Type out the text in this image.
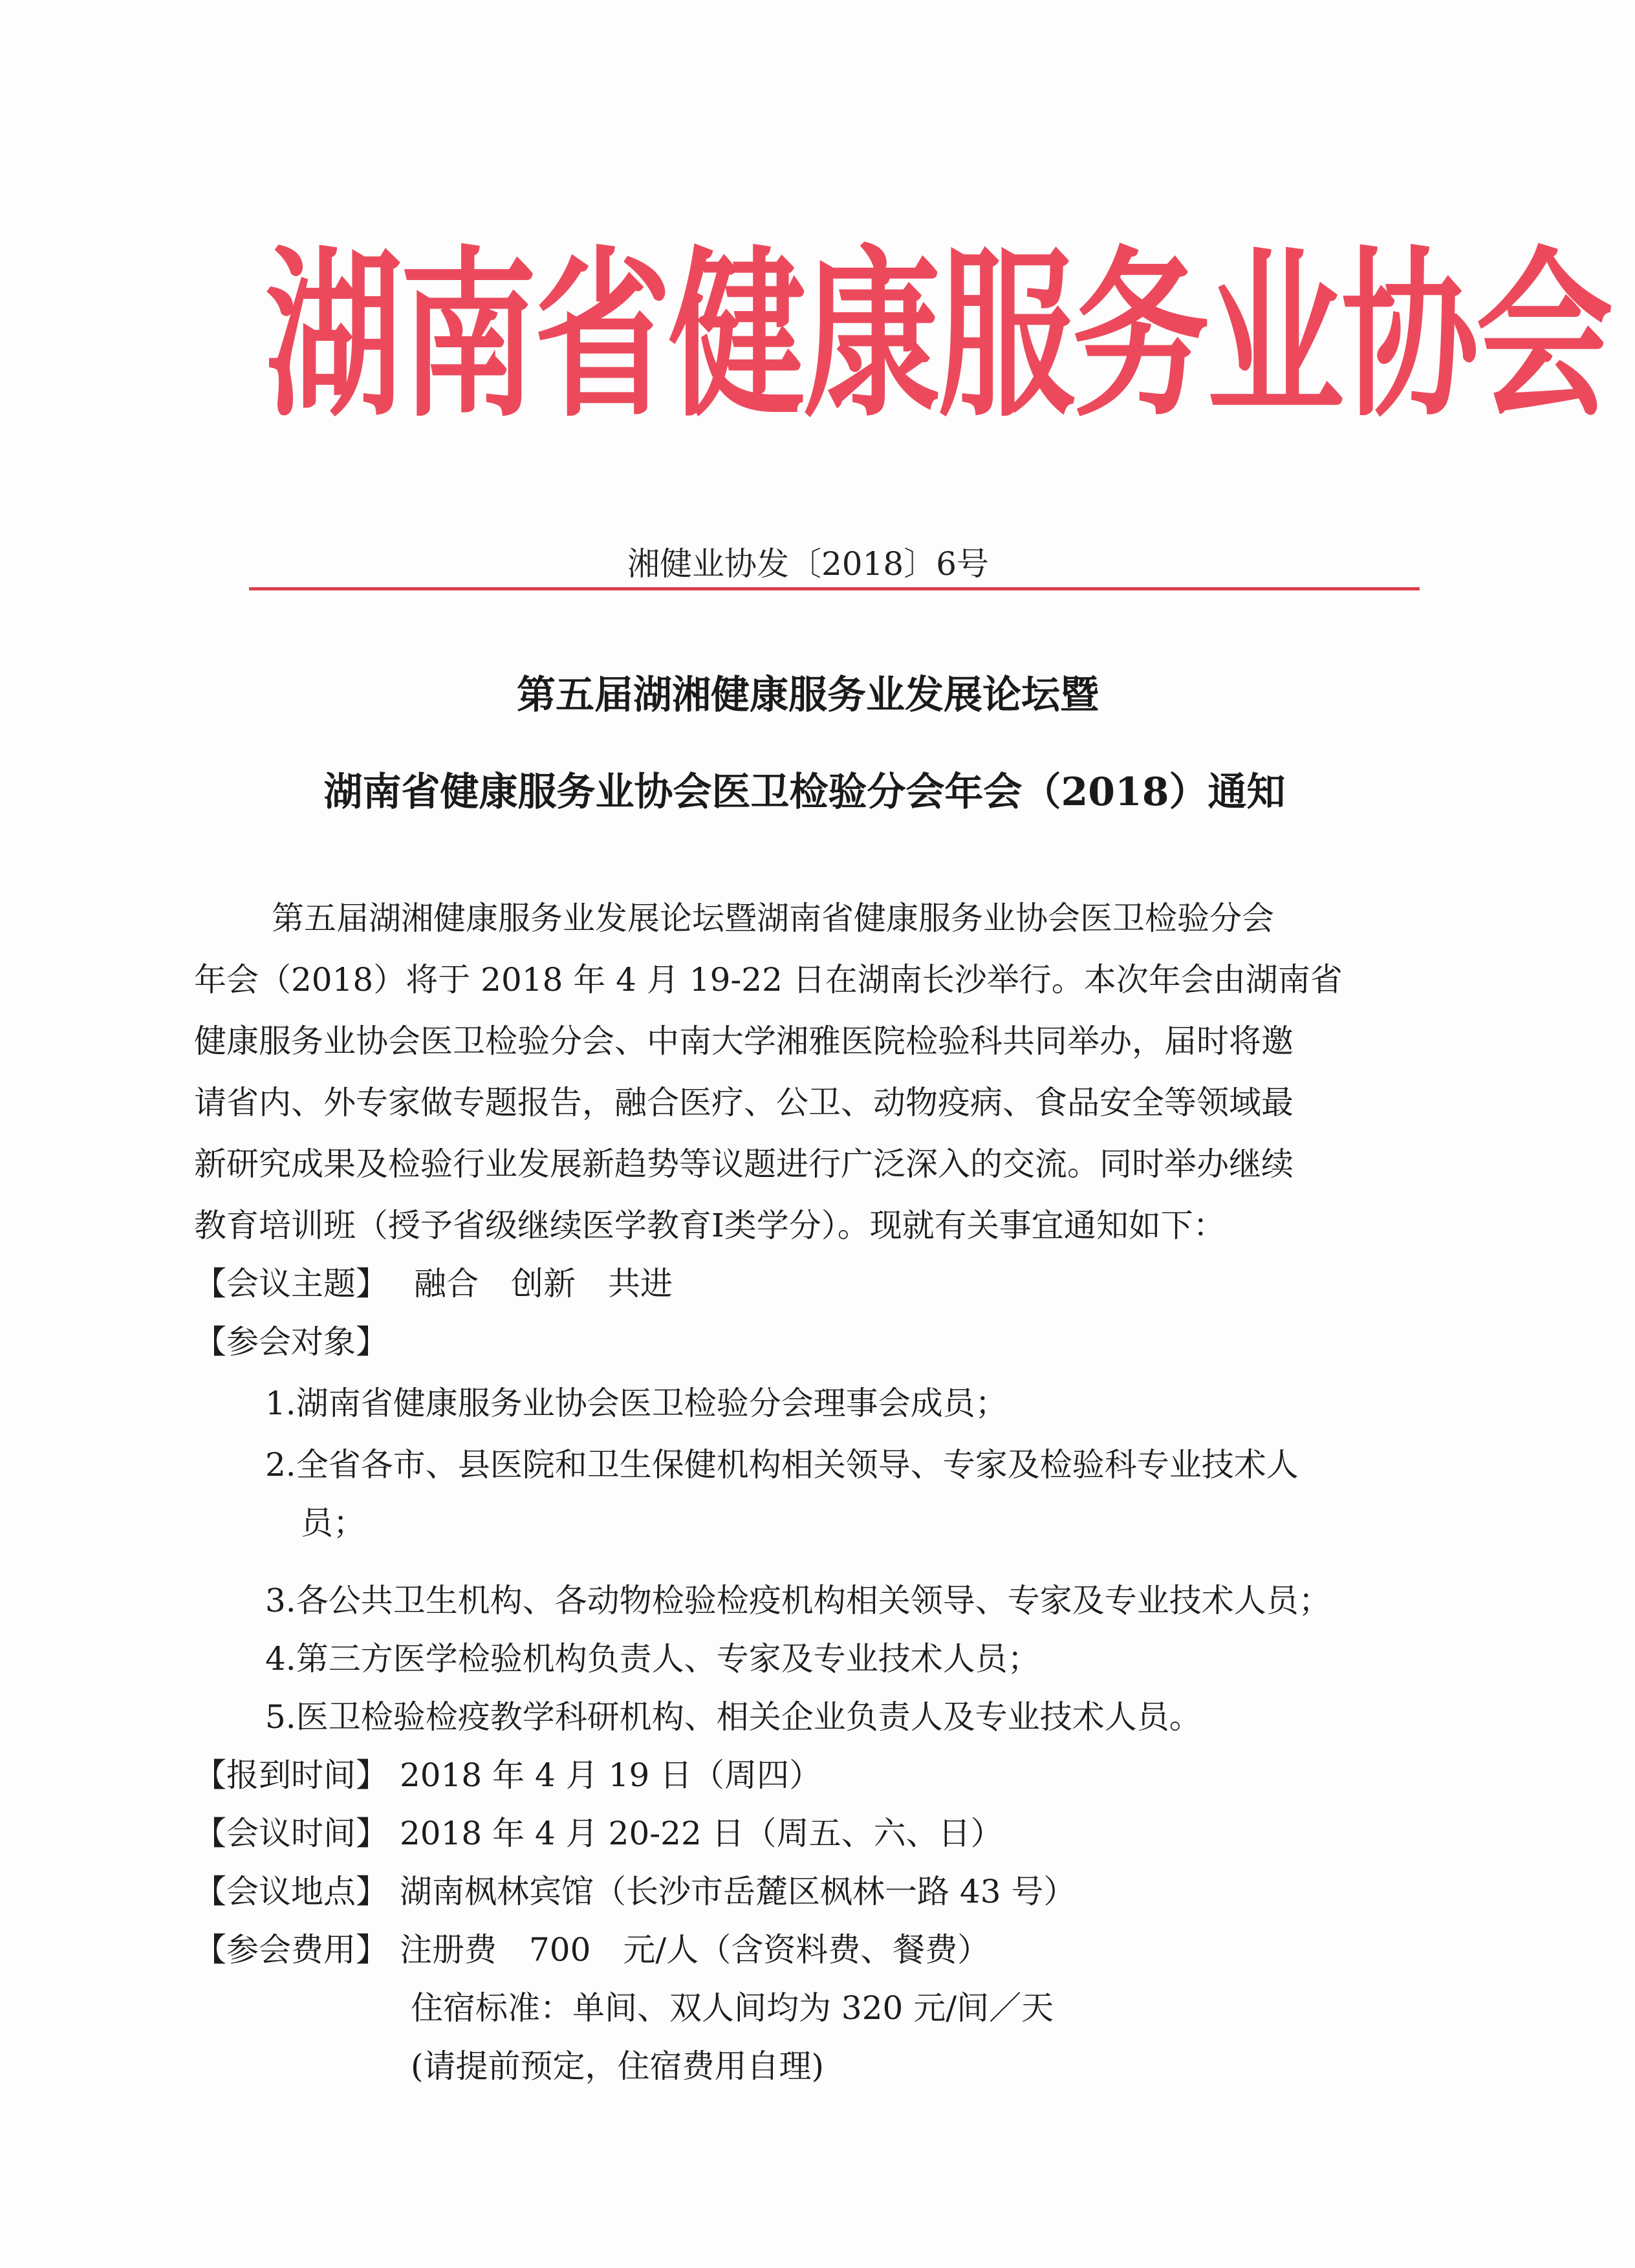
湖南省健康服务业协会
湘健业协发〔2018〕6号
第五届湖湘健康服务业发展论坛暨
湖南省健康服务业协会医卫检验分会年会（2018）通知
第五届湖湘健康服务业发展论坛暨湖南省健康服务业协会医卫检验分会
年会（2018）将于 2018 年 4 月 19-22 日在湖南长沙举行。本次年会由湖南省
健康服务业协会医卫检验分会、中南大学湘雅医院检验科共同举办，届时将邀
请省内、外专家做专题报告，融合医疗、公卫、动物疫病、食品安全等领域最
新研究成果及检验行业发展新趋势等议题进行广泛深入的交流。同时举办继续
教育培训班（授予省级继续医学教育Ⅰ类学分）。现就有关事宜通知如下：
【会议主题】 融合　创新　共进
【参会对象】
1.湖南省健康服务业协会医卫检验分会理事会成员；
2.全省各市、县医院和卫生保健机构相关领导、专家及检验科专业技术人
员；
3.各公共卫生机构、各动物检验检疫机构相关领导、专家及专业技术人员；
4.第三方医学检验机构负责人、专家及专业技术人员；
5.医卫检验检疫教学科研机构、相关企业负责人及专业技术人员。
【报到时间】 2018 年 4 月 19 日（周四）
【会议时间】 2018 年 4 月 20-22 日（周五、六、日）
【会议地点】 湖南枫林宾馆（长沙市岳麓区枫林一路 43 号）
【参会费用】 注册费　700　元/人（含资料费、餐费）
住宿标准：单间、双人间均为 320 元/间／天
(请提前预定，住宿费用自理)
